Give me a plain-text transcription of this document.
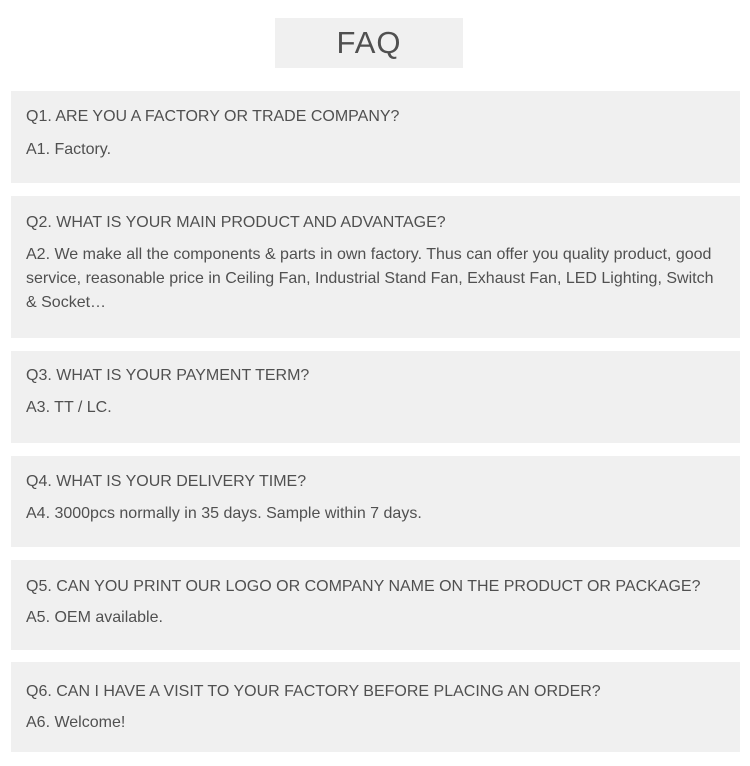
FAQ
Q1. ARE YOU A FACTORY OR TRADE COMPANY?
A1. Factory.
Q2. WHAT IS YOUR MAIN PRODUCT AND ADVANTAGE?
A2. We make all the components & parts in own factory. Thus can offer you quality product, good service, reasonable price in Ceiling Fan, Industrial Stand Fan, Exhaust Fan, LED Lighting, Switch & Socket…
Q3. WHAT IS YOUR PAYMENT TERM?
A3. TT / LC.
Q4. WHAT IS YOUR DELIVERY TIME?
A4. 3000pcs normally in 35 days. Sample within 7 days.
Q5. CAN YOU PRINT OUR LOGO OR COMPANY NAME ON THE PRODUCT OR PACKAGE?
A5. OEM available.
Q6. CAN I HAVE A VISIT TO YOUR FACTORY BEFORE PLACING AN ORDER?
A6. Welcome!
